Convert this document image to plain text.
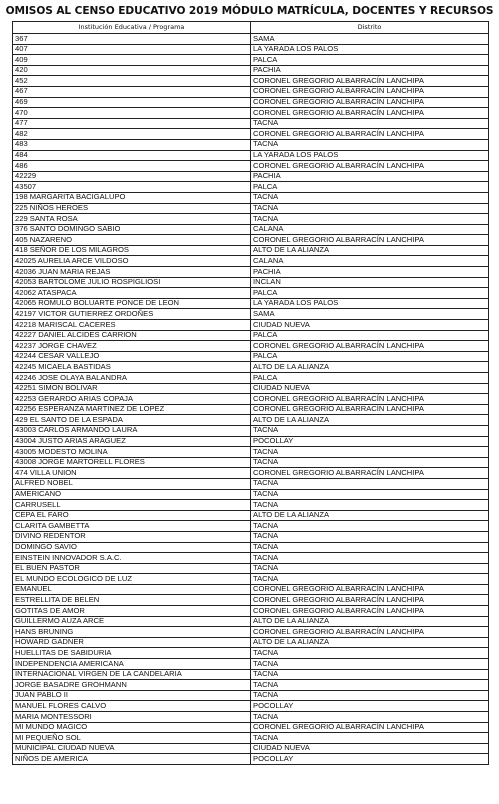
OMISOS AL CENSO EDUCATIVO 2019 MÓDULO MATRÍCULA, DOCENTES Y RECURSOS
Institución Educativa / Programa	Distrito
367	SAMA
407	LA YARADA LOS PALOS
409	PALCA
420	PACHIA
452	CORONEL GREGORIO ALBARRACÍN LANCHIPA
467	CORONEL GREGORIO ALBARRACÍN LANCHIPA
469	CORONEL GREGORIO ALBARRACÍN LANCHIPA
470	CORONEL GREGORIO ALBARRACÍN LANCHIPA
477	TACNA
482	CORONEL GREGORIO ALBARRACÍN LANCHIPA
483	TACNA
484	LA YARADA LOS PALOS
486	CORONEL GREGORIO ALBARRACÍN LANCHIPA
42229	PACHIA
43507	PALCA
198 MARGARITA BACIGALUPO	TACNA
225 NIÑOS HEROES	TACNA
229 SANTA ROSA	TACNA
376 SANTO DOMINGO SABIO	CALANA
405 NAZARENO	CORONEL GREGORIO ALBARRACÍN LANCHIPA
418 SEÑOR DE LOS MILAGROS	ALTO DE LA ALIANZA
42025 AURELIA ARCE VILDOSO	CALANA
42036 JUAN MARIA REJAS	PACHIA
42053 BARTOLOME JULIO ROSPIGLIOSI	INCLAN
42062 ATASPACA	PALCA
42065 ROMULO BOLUARTE PONCE DE LEON	LA YARADA LOS PALOS
42197 VICTOR GUTIERREZ ORDOÑES	SAMA
42218 MARISCAL CACERES	CIUDAD NUEVA
42227 DANIEL ALCIDES CARRION	PALCA
42237 JORGE CHAVEZ	CORONEL GREGORIO ALBARRACÍN LANCHIPA
42244 CESAR VALLEJO	PALCA
42245 MICAELA BASTIDAS	ALTO DE LA ALIANZA
42246 JOSE OLAYA BALANDRA	PALCA
42251 SIMON BOLIVAR	CIUDAD NUEVA
42253 GERARDO ARIAS COPAJA	CORONEL GREGORIO ALBARRACÍN LANCHIPA
42256 ESPERANZA MARTINEZ DE LOPEZ	CORONEL GREGORIO ALBARRACÍN LANCHIPA
429 EL SANTO DE LA ESPADA	ALTO DE LA ALIANZA
43003 CARLOS ARMANDO LAURA	TACNA
43004 JUSTO ARIAS ARAGUEZ	POCOLLAY
43005 MODESTO MOLINA	TACNA
43008 JORGE MARTORELL FLORES	TACNA
474 VILLA UNION	CORONEL GREGORIO ALBARRACÍN LANCHIPA
ALFRED NOBEL	TACNA
AMERICANO	TACNA
CARRUSELL	TACNA
CEPA EL FARO	ALTO DE LA ALIANZA
CLARITA GAMBETTA	TACNA
DIVINO REDENTOR	TACNA
DOMINGO SAVIO	TACNA
EINSTEIN INNOVADOR S.A.C.	TACNA
EL BUEN PASTOR	TACNA
EL MUNDO ECOLOGICO DE LUZ	TACNA
EMANUEL	CORONEL GREGORIO ALBARRACÍN LANCHIPA
ESTRELLITA DE BELEN	CORONEL GREGORIO ALBARRACÍN LANCHIPA
GOTITAS DE AMOR	CORONEL GREGORIO ALBARRACÍN LANCHIPA
GUILLERMO AUZA ARCE	ALTO DE LA ALIANZA
HANS BRUNING	CORONEL GREGORIO ALBARRACÍN LANCHIPA
HOWARD GADNER	ALTO DE LA ALIANZA
HUELLITAS DE SABIDURIA	TACNA
INDEPENDENCIA AMERICANA	TACNA
INTERNACIONAL VIRGEN DE LA CANDELARIA	TACNA
JORGE BASADRE GROHMANN	TACNA
JUAN PABLO II	TACNA
MANUEL FLORES CALVO	POCOLLAY
MARIA MONTESSORI	TACNA
MI MUNDO MAGICO	CORONEL GREGORIO ALBARRACÍN LANCHIPA
MI PEQUEÑO SOL	TACNA
MUNICIPAL CIUDAD NUEVA	CIUDAD NUEVA
NIÑOS DE AMERICA	POCOLLAY
